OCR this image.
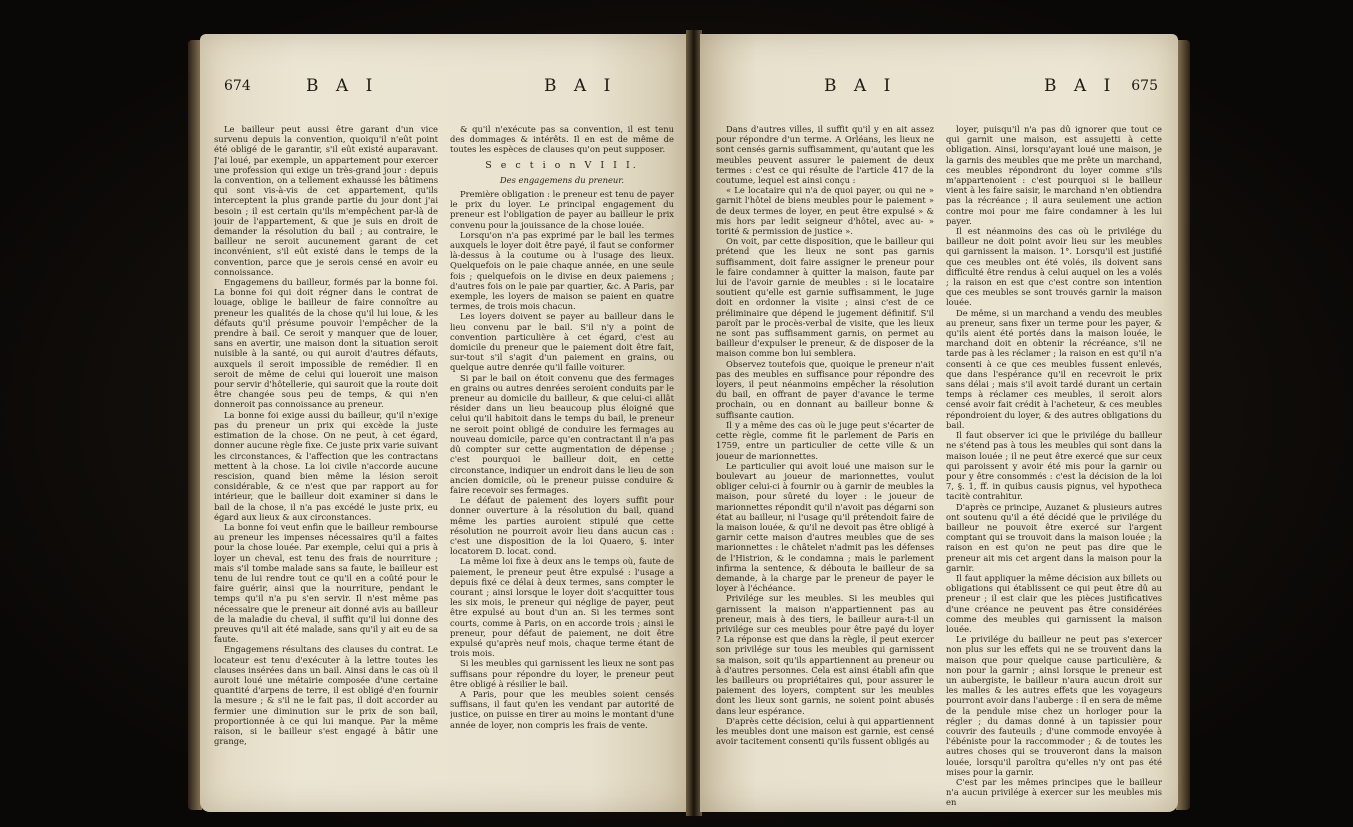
674	B A I	B A I

Le bailleur peut aussi être garant d'un vice survenu depuis la convention, quoiqu'il n'eût point été obligé de le garantir, s'il eût existé auparavant. J'ai loué, par exemple, un appartement pour exercer une profession qui exige un très-grand jour : depuis la convention, on a tellement exhaussé les bâtimens qui sont vis-à-vis de cet appartement, qu'ils interceptent la plus grande partie du jour dont j'ai besoin ; il est certain qu'ils m'empêchent par-là de jouir de l'appartement, & que je suis en droit de demander la résolution du bail ; au contraire, le bailleur ne seroit aucunement garant de cet inconvénient, s'il eût existé dans le temps de la convention, parce que je serois censé en avoir eu connoissance.

Engagemens du bailleur, formés par la bonne foi. La bonne foi qui doit régner dans le contrat de louage, oblige le bailleur de faire connoître au preneur les qualités de la chose qu'il lui loue, & les défauts qu'il présume pouvoir l'empêcher de la prendre à bail. Ce seroit y manquer que de louer, sans en avertir, une maison dont la situation seroit nuisible à la santé, ou qui auroit d'autres défauts, auxquels il seroit impossible de remédier. Il en seroit de même de celui qui loueroit une maison pour servir d'hôtellerie, qui sauroit que la route doit être changée sous peu de temps, & qui n'en donneroit pas connoissance au preneur.

La bonne foi exige aussi du bailleur, qu'il n'exige pas du preneur un prix qui excède la juste estimation de la chose. On ne peut, à cet égard, donner aucune règle fixe. Ce juste prix varie suivant les circonstances, & l'affection que les contractans mettent à la chose. La loi civile n'accorde aucune rescision, quand bien même la lésion seroit considérable, & ce n'est que par rapport au for intérieur, que le bailleur doit examiner si dans le bail de la chose, il n'a pas excédé le juste prix, eu égard aux lieux & aux circonstances.

La bonne foi veut enfin que le bailleur rembourse au preneur les impenses nécessaires qu'il a faites pour la chose louée. Par exemple, celui qui a pris à loyer un cheval, est tenu des frais de nourriture ; mais s'il tombe malade sans sa faute, le bailleur est tenu de lui rendre tout ce qu'il en a coûté pour le faire guérir, ainsi que la nourriture, pendant le temps qu'il n'a pu s'en servir. Il n'est même pas nécessaire que le preneur ait donné avis au bailleur de la maladie du cheval, il suffit qu'il lui donne des preuves qu'il ait été malade, sans qu'il y ait eu de sa faute.

Engagemens résultans des clauses du contrat. Le locateur est tenu d'exécuter à la lettre toutes les clauses insérées dans un bail. Ainsi dans le cas où il auroit loué une métairie composée d'une certaine quantité d'arpens de terre, il est obligé d'en fournir la mesure ; & s'il ne le fait pas, il doit accorder au fermier une diminution sur le prix de son bail, proportionnée à ce qui lui manque. Par la même raison, si le bailleur s'est engagé à bâtir une grange,

& qu'il n'exécute pas sa convention, il est tenu des dommages & intérêts. Il en est de même de toutes les espèces de clauses qu'on peut supposer.

S e c t i o n V I I I.

Des engagemens du preneur.

Première obligation : le preneur est tenu de payer le prix du loyer. Le principal engagement du preneur est l'obligation de payer au bailleur le prix convenu pour la jouissance de la chose louée.

Lorsqu'on n'a pas exprimé par le bail les termes auxquels le loyer doit être payé, il faut se conformer là-dessus à la coutume ou à l'usage des lieux. Quelquefois on le paie chaque année, en une seule fois ; quelquefois on le divise en deux paiemens ; d'autres fois on le paie par quartier, &c. A Paris, par exemple, les loyers de maison se paient en quatre termes, de trois mois chacun.

Les loyers doivent se payer au bailleur dans le lieu convenu par le bail. S'il n'y a point de convention particulière à cet égard, c'est au domicile du preneur que le paiement doit être fait, sur-tout s'il s'agit d'un paiement en grains, ou quelque autre denrée qu'il faille voiturer.

Si par le bail on étoit convenu que des fermages en grains ou autres denrées seroient conduits par le preneur au domicile du bailleur, & que celui-ci allât résider dans un lieu beaucoup plus éloigné que celui qu'il habitoit dans le temps du bail, le preneur ne seroit point obligé de conduire les fermages au nouveau domicile, parce qu'en contractant il n'a pas dû compter sur cette augmentation de dépense ; c'est pourquoi le bailleur doit, en cette circonstance, indiquer un endroit dans le lieu de son ancien domicile, où le preneur puisse conduire & faire recevoir ses fermages.

Le défaut de paiement des loyers suffit pour donner ouverture à la résolution du bail, quand même les parties auroient stipulé que cette résolution ne pourroit avoir lieu dans aucun cas : c'est une disposition de la loi Quaero, §. inter locatorem D. locat. cond.

La même loi fixe à deux ans le temps où, faute de paiement, le preneur peut être expulsé : l'usage a depuis fixé ce délai à deux termes, sans compter le courant ; ainsi lorsque le loyer doit s'acquitter tous les six mois, le preneur qui néglige de payer, peut être expulsé au bout d'un an. Si les termes sont courts, comme à Paris, on en accorde trois ; ainsi le preneur, pour défaut de paiement, ne doit être expulsé qu'après neuf mois, chaque terme étant de trois mois.

Si les meubles qui garnissent les lieux ne sont pas suffisans pour répondre du loyer, le preneur peut être obligé à résilier le bail.

A Paris, pour que les meubles soient censés suffisans, il faut qu'en les vendant par autorité de justice, on puisse en tirer au moins le montant d'une année de loyer, non compris les frais de vente.

B A I	B A I 675

Dans d'autres villes, il suffit qu'il y en ait assez pour répondre d'un terme. A Orléans, les lieux ne sont censés garnis suffisamment, qu'autant que les meubles peuvent assurer le paiement de deux termes : c'est ce qui résulte de l'article 417 de la coutume, lequel est ainsi conçu :

« Le locataire qui n'a de quoi payer, ou qui ne » garnit l'hôtel de biens meubles pour le paiement » de deux termes de loyer, en peut être expulsé » & mis hors par ledit seigneur d'hôtel, avec au- » torité & permission de justice ».

On voit, par cette disposition, que le bailleur qui prétend que les lieux ne sont pas garnis suffisamment, doit faire assigner le preneur pour le faire condamner à quitter la maison, faute par lui de l'avoir garnie de meubles : si le locataire soutient qu'elle est garnie suffisamment, le juge doit en ordonner la visite ; ainsi c'est de ce préliminaire que dépend le jugement définitif. S'il paroît par le procès-verbal de visite, que les lieux ne sont pas suffisamment garnis, on permet au bailleur d'expulser le preneur, & de disposer de la maison comme bon lui semblera.

Observez toutefois que, quoique le preneur n'ait pas des meubles en suffisance pour répondre des loyers, il peut néanmoins empêcher la résolution du bail, en offrant de payer d'avance le terme prochain, ou en donnant au bailleur bonne & suffisante caution.

Il y a même des cas où le juge peut s'écarter de cette règle, comme fit le parlement de Paris en 1759, entre un particulier de cette ville & un joueur de marionnettes.

Le particulier qui avoit loué une maison sur le boulevart au joueur de marionnettes, voulut obliger celui-ci à fournir ou à garnir de meubles la maison, pour sûreté du loyer : le joueur de marionnettes répondit qu'il n'avoit pas dégarni son état au bailleur, ni l'usage qu'il prétendoit faire de la maison louée, & qu'il ne devoit pas être obligé à garnir cette maison d'autres meubles que de ses marionnettes : le châtelet n'admit pas les défenses de l'Histrion, & le condamna ; mais le parlement infirma la sentence, & débouta le bailleur de sa demande, à la charge par le preneur de payer le loyer à l'échéance.

Privilége sur les meubles. Si les meubles qui garnissent la maison n'appartiennent pas au preneur, mais à des tiers, le bailleur aura-t-il un privilége sur ces meubles pour être payé du loyer ? La réponse est que dans la règle, il peut exercer son privilége sur tous les meubles qui garnissent sa maison, soit qu'ils appartiennent au preneur ou à d'autres personnes. Cela est ainsi établi afin que les bailleurs ou propriétaires qui, pour assurer le paiement des loyers, comptent sur les meubles dont les lieux sont garnis, ne soient point abusés dans leur espérance.

D'après cette décision, celui à qui appartiennent les meubles dont une maison est garnie, est censé avoir tacitement consenti qu'ils fussent obligés au

loyer, puisqu'il n'a pas dû ignorer que tout ce qui garnit une maison, est assujetti à cette obligation. Ainsi, lorsqu'ayant loué une maison, je la garnis des meubles que me prête un marchand, ces meubles répondront du loyer comme s'ils m'appartenoient : c'est pourquoi si le bailleur vient à les faire saisir, le marchand n'en obtiendra pas la récréance ; il aura seulement une action contre moi pour me faire condamner à les lui payer.

Il est néanmoins des cas où le privilége du bailleur ne doit point avoir lieu sur les meubles qui garnissent la maison. 1°. Lorsqu'il est justifié que ces meubles ont été volés, ils doivent sans difficulté être rendus à celui auquel on les a volés ; la raison en est que c'est contre son intention que ces meubles se sont trouvés garnir la maison louée.

De même, si un marchand a vendu des meubles au preneur, sans fixer un terme pour les payer, & qu'ils aient été portés dans la maison louée, le marchand doit en obtenir la récréance, s'il ne tarde pas à les réclamer ; la raison en est qu'il n'a consenti à ce que ces meubles fussent enlevés, que dans l'espérance qu'il en recevroit le prix sans délai ; mais s'il avoit tardé durant un certain temps à réclamer ces meubles, il seroit alors censé avoir fait crédit à l'acheteur, & ces meubles répondroient du loyer, & des autres obligations du bail.

Il faut observer ici que le privilége du bailleur ne s'étend pas à tous les meubles qui sont dans la maison louée ; il ne peut être exercé que sur ceux qui paroissent y avoir été mis pour la garnir ou pour y être consommés : c'est la décision de la loi 7, §. 1, ff. in quibus causis pignus, vel hypotheca tacitè contrahitur.

D'après ce principe, Auzanet & plusieurs autres ont soutenu qu'il a été décidé que le privilége du bailleur ne pouvoit être exercé sur l'argent comptant qui se trouvoit dans la maison louée ; la raison en est qu'on ne peut pas dire que le preneur ait mis cet argent dans la maison pour la garnir.

Il faut appliquer la même décision aux billets ou obligations qui établissent ce qui peut être dû au preneur ; il est clair que les pièces justificatives d'une créance ne peuvent pas être considérées comme des meubles qui garnissent la maison louée.

Le privilége du bailleur ne peut pas s'exercer non plus sur les effets qui ne se trouvent dans la maison que pour quelque cause particulière, & non pour la garnir ; ainsi lorsque le preneur est un aubergiste, le bailleur n'aura aucun droit sur les malles & les autres effets que les voyageurs pourront avoir dans l'auberge : il en sera de même de la pendule mise chez un horloger pour la régler ; du damas donné à un tapissier pour couvrir des fauteuils ; d'une commode envoyée à l'ébéniste pour la raccommoder ; & de toutes les autres choses qui se trouveront dans la maison louée, lorsqu'il paroîtra qu'elles n'y ont pas été mises pour la garnir.

C'est par les mêmes principes que le bailleur n'a aucun privilége à exercer sur les meubles mis en
